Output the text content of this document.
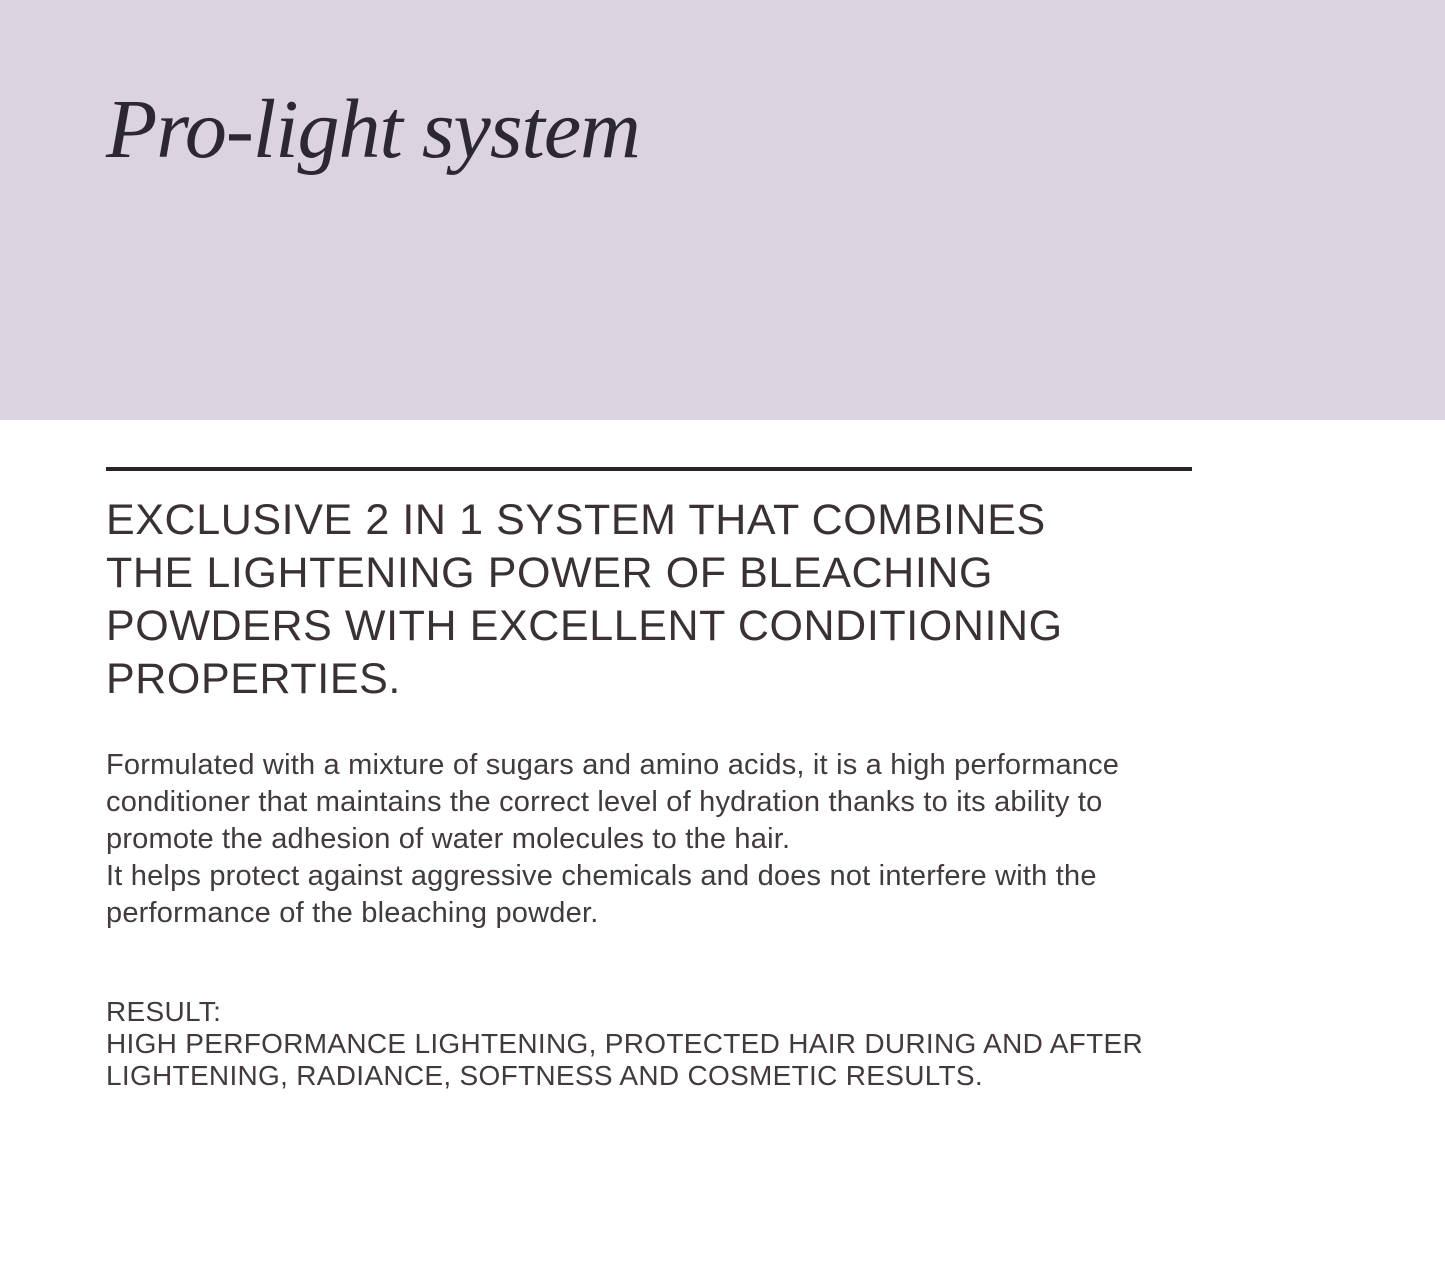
Pro-light system
EXCLUSIVE 2 IN 1 SYSTEM THAT COMBINES
THE LIGHTENING POWER OF BLEACHING
POWDERS WITH EXCELLENT CONDITIONING
PROPERTIES.

Formulated with a mixture of sugars and amino acids, it is a high performance
conditioner that maintains the correct level of hydration thanks to its ability to
promote the adhesion of water molecules to the hair.
It helps protect against aggressive chemicals and does not interfere with the
performance of the bleaching powder.

RESULT:
HIGH PERFORMANCE LIGHTENING, PROTECTED HAIR DURING AND AFTER
LIGHTENING, RADIANCE, SOFTNESS AND COSMETIC RESULTS.
